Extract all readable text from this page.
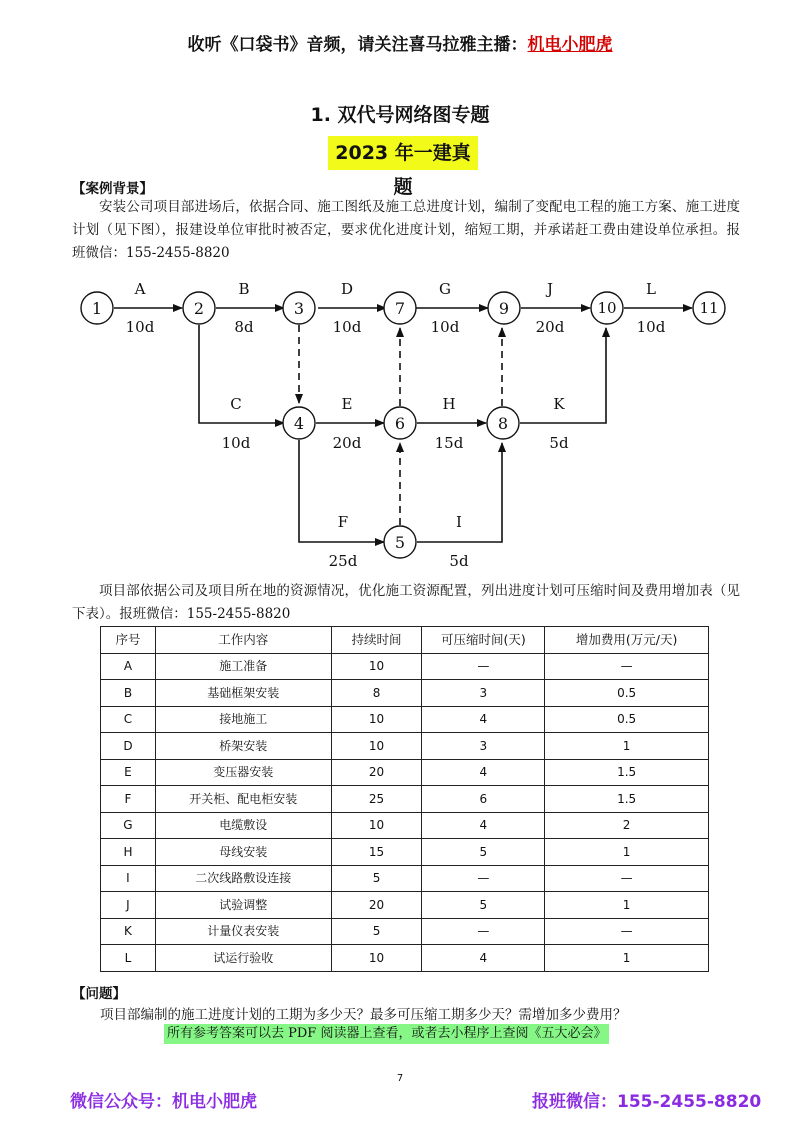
收听《口袋书》音频，请关注喜马拉雅主播：机电小肥虎
1. 双代号网络图专题
2023 年一建真题
【案例背景】
安装公司项目部进场后，依据合同、施工图纸及施工总进度计划，编制了变配电工程的施工方案、施工进度计划（见下图），报建设单位审批时被否定，要求优化进度计划，缩短工期，并承诺赶工费由建设单位承担。报班微信：155-2455-8820
1	2	3
4
5
6
7
8
9	10	11
A
10d
B
8d
D
10d
G
10d
J
20d
L
10d
C
10d
E
20d
H
15d
K
5d
F
25d
I
5d
项目部依据公司及项目所在地的资源情况，优化施工资源配置，列出进度计划可压缩时间及费用增加表（见下表）。报班微信：155-2455-8820
序号	工作内容	持续时间	可压缩时间(天)	增加费用(万元/天)
A	施工准备	10	—	—
B	基础框架安装	8	3	0.5
C	接地施工	10	4	0.5
D	桥架安装	10	3	1
E	变压器安装	20	4	1.5
F	开关柜、配电柜安装	25	6	1.5
G	电缆敷设	10	4	2
H	母线安装	15	5	1
I	二次线路敷设连接	5	—	—
J	试验调整	20	5	1
K	计量仪表安装	5	—	—
L	试运行验收	10	4	1
【问题】
项目部编制的施工进度计划的工期为多少天？最多可压缩工期多少天？需增加多少费用？
所有参考答案可以去 PDF 阅读器上查看，或者去小程序上查阅《五大必会》
7
微信公众号：机电小肥虎	报班微信：155-2455-8820
